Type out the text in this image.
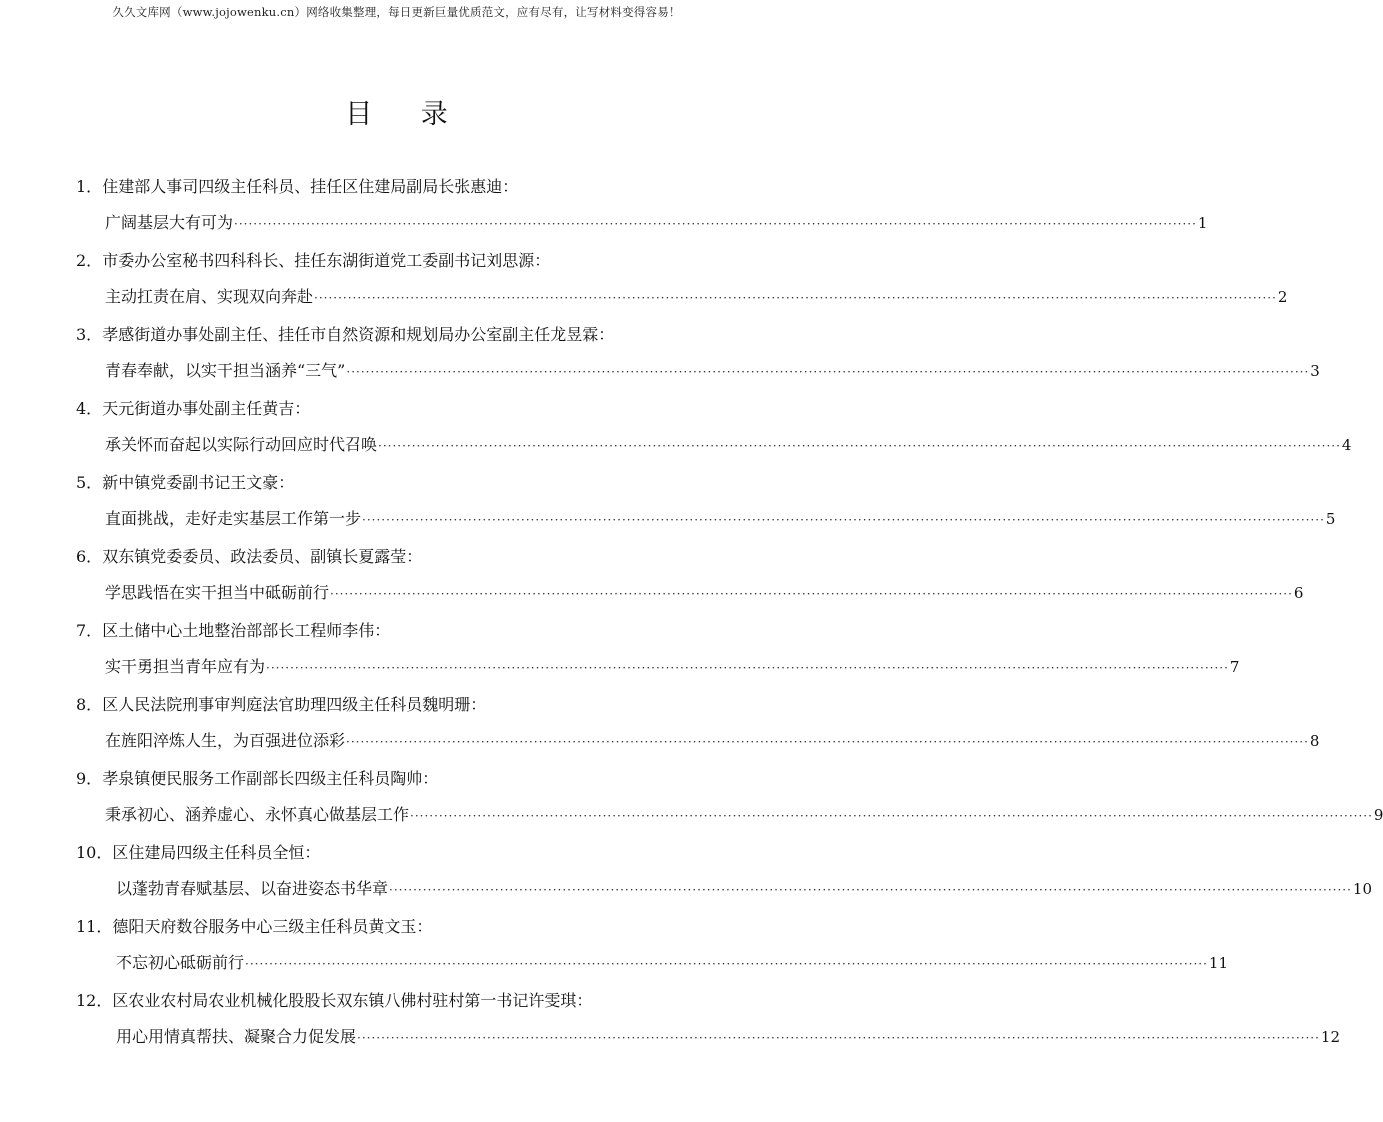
久久文库网（www.jojowenku.cn）网络收集整理，每日更新巨量优质范文，应有尽有，让写材料变得容易！
目 录
1．住建部人事司四级主任科员、挂任区住建局副局长张惠迪：
广阔基层大有可为 ········································································································································································································ 1
2．市委办公室秘书四科科长、挂任东湖街道党工委副书记刘思源：
主动扛责在肩、实现双向奔赴 ········································································································································································································ 2
3．孝感街道办事处副主任、挂任市自然资源和规划局办公室副主任龙昱霖：
青春奉献，以实干担当涵养“三气” ········································································································································································································ 3
4．天元街道办事处副主任黄吉：
承关怀而奋起以实际行动回应时代召唤 ········································································································································································································ 4
5．新中镇党委副书记王文豪：
直面挑战，走好走实基层工作第一步 ········································································································································································································ 5
6．双东镇党委委员、政法委员、副镇长夏露莹：
学思践悟在实干担当中砥砺前行 ········································································································································································································ 6
7．区土储中心土地整治部部长工程师李伟：
实干勇担当青年应有为 ········································································································································································································ 7
8．区人民法院刑事审判庭法官助理四级主任科员魏明珊：
在旌阳淬炼人生，为百强进位添彩 ········································································································································································································ 8
9．孝泉镇便民服务工作副部长四级主任科员陶帅：
秉承初心、涵养虚心、永怀真心做基层工作 ········································································································································································································ 9
10．区住建局四级主任科员全恒：
以蓬勃青春赋基层、以奋进姿态书华章 ········································································································································································································ 10
11．德阳天府数谷服务中心三级主任科员黄文玉：
不忘初心砥砺前行 ········································································································································································································ 11
12．区农业农村局农业机械化股股长双东镇八佛村驻村第一书记许雯琪：
用心用情真帮扶、凝聚合力促发展 ········································································································································································································ 12
